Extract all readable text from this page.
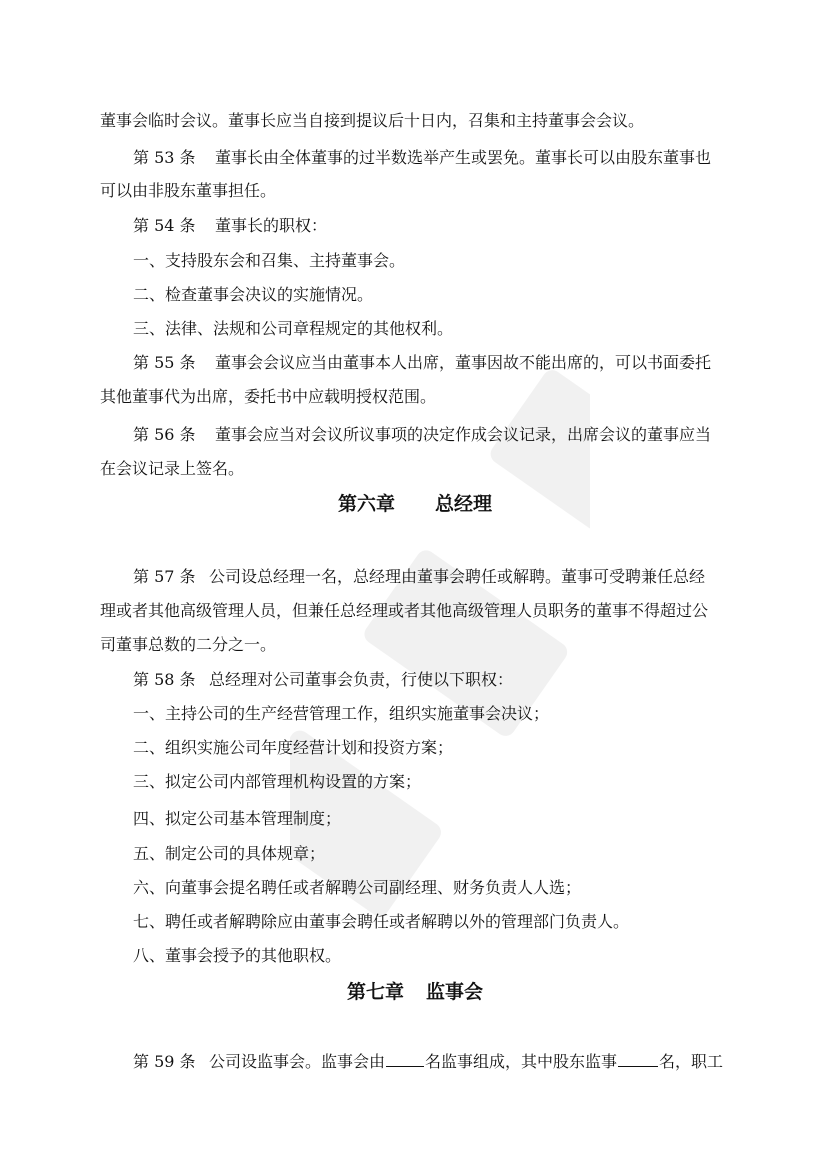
董事会临时会议。董事长应当自接到提议后十日内，召集和主持董事会会议。
第 53 条 董事长由全体董事的过半数选举产生或罢免。董事长可以由股东董事也
可以由非股东董事担任。
第 54 条 董事长的职权：
一、支持股东会和召集、主持董事会。
二、检查董事会决议的实施情况。
三、法律、法规和公司章程规定的其他权利。
第 55 条 董事会会议应当由董事本人出席，董事因故不能出席的，可以书面委托
其他董事代为出席，委托书中应载明授权范围。
第 56 条 董事会应当对会议所议事项的决定作成会议记录，出席会议的董事应当
在会议记录上签名。
第六章 总经理
第 57 条 公司设总经理一名，总经理由董事会聘任或解聘。董事可受聘兼任总经
理或者其他高级管理人员，但兼任总经理或者其他高级管理人员职务的董事不得超过公
司董事总数的二分之一。
第 58 条 总经理对公司董事会负责，行使以下职权：
一、主持公司的生产经营管理工作，组织实施董事会决议；
二、组织实施公司年度经营计划和投资方案；
三、拟定公司内部管理机构设置的方案；
四、拟定公司基本管理制度；
五、制定公司的具体规章；
六、向董事会提名聘任或者解聘公司副经理、财务负责人人选；
七、聘任或者解聘除应由董事会聘任或者解聘以外的管理部门负责人。
八、董事会授予的其他职权。
第七章 监事会
第 59 条 公司设监事会。监事会由	名监事组成，其中股东监事	名，职工
